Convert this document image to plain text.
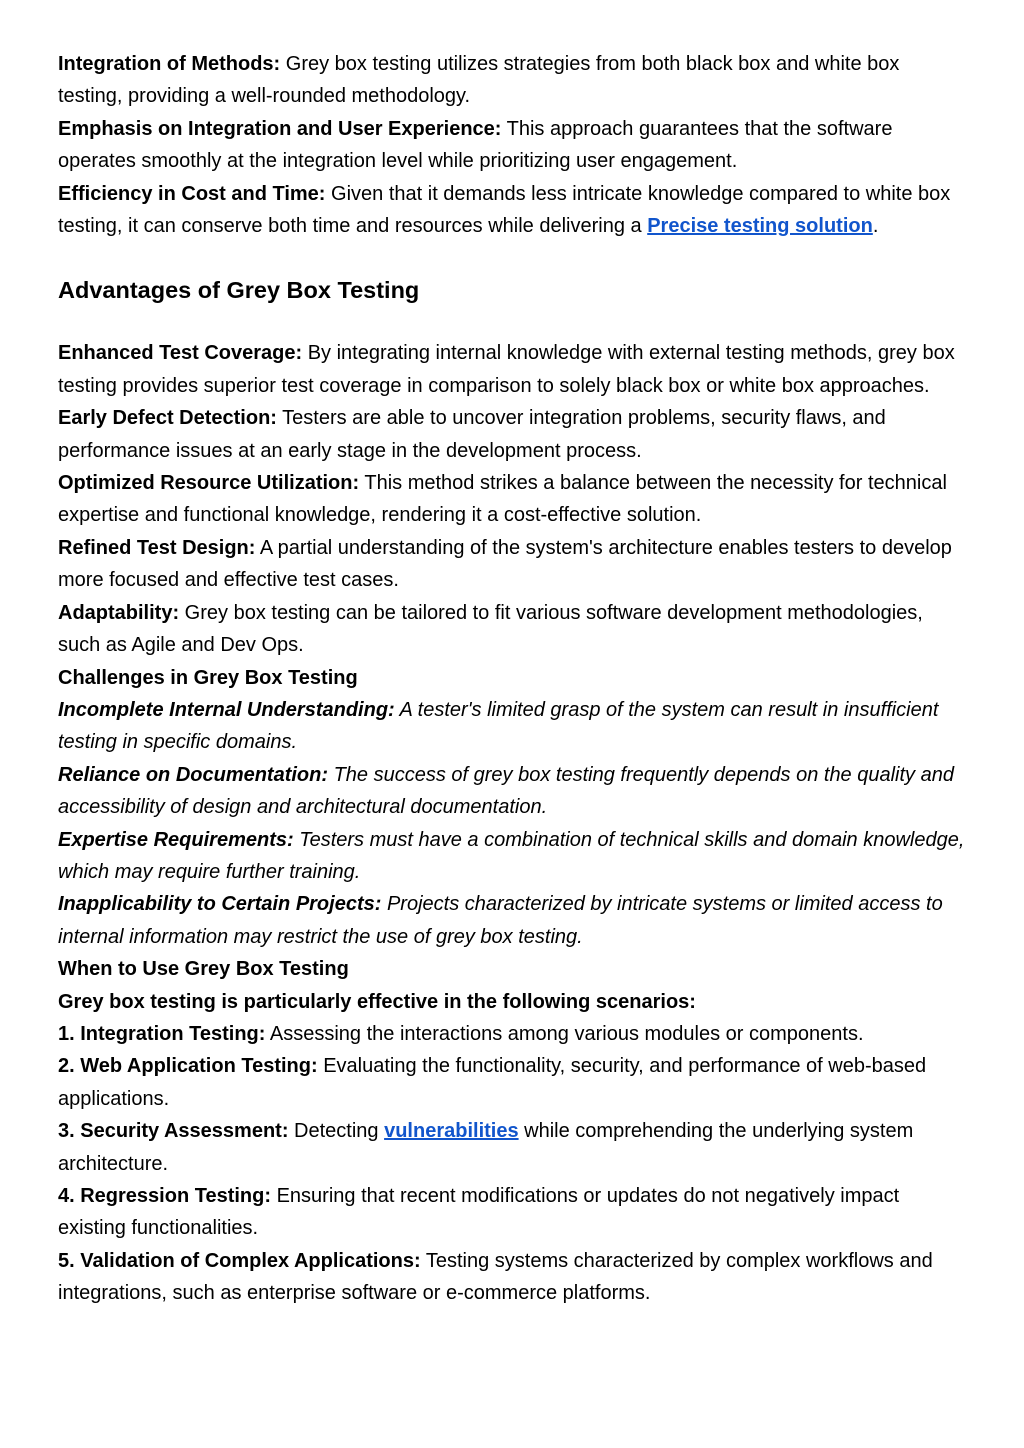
Integration of Methods: Grey box testing utilizes strategies from both black box and white box testing, providing a well-rounded methodology.

Emphasis on Integration and User Experience: This approach guarantees that the software operates smoothly at the integration level while prioritizing user engagement.

Efficiency in Cost and Time: Given that it demands less intricate knowledge compared to white box testing, it can conserve both time and resources while delivering a Precise testing solution.

Advantages of Grey Box Testing

Enhanced Test Coverage: By integrating internal knowledge with external testing methods, grey box testing provides superior test coverage in comparison to solely black box or white box approaches.

Early Defect Detection: Testers are able to uncover integration problems, security flaws, and performance issues at an early stage in the development process.

Optimized Resource Utilization: This method strikes a balance between the necessity for technical expertise and functional knowledge, rendering it a cost-effective solution.

Refined Test Design: A partial understanding of the system's architecture enables testers to develop more focused and effective test cases.

Adaptability: Grey box testing can be tailored to fit various software development methodologies, such as Agile and Dev Ops.

Challenges in Grey Box Testing

Incomplete Internal Understanding: A tester's limited grasp of the system can result in insufficient testing in specific domains.

Reliance on Documentation: The success of grey box testing frequently depends on the quality and accessibility of design and architectural documentation.

Expertise Requirements: Testers must have a combination of technical skills and domain knowledge, which may require further training.

Inapplicability to Certain Projects: Projects characterized by intricate systems or limited access to internal information may restrict the use of grey box testing.

When to Use Grey Box Testing

Grey box testing is particularly effective in the following scenarios:

1. Integration Testing: Assessing the interactions among various modules or components.

2. Web Application Testing: Evaluating the functionality, security, and performance of web-based applications.

3. Security Assessment: Detecting vulnerabilities while comprehending the underlying system architecture.

4. Regression Testing: Ensuring that recent modifications or updates do not negatively impact existing functionalities.

5. Validation of Complex Applications: Testing systems characterized by complex workflows and integrations, such as enterprise software or e-commerce platforms.
